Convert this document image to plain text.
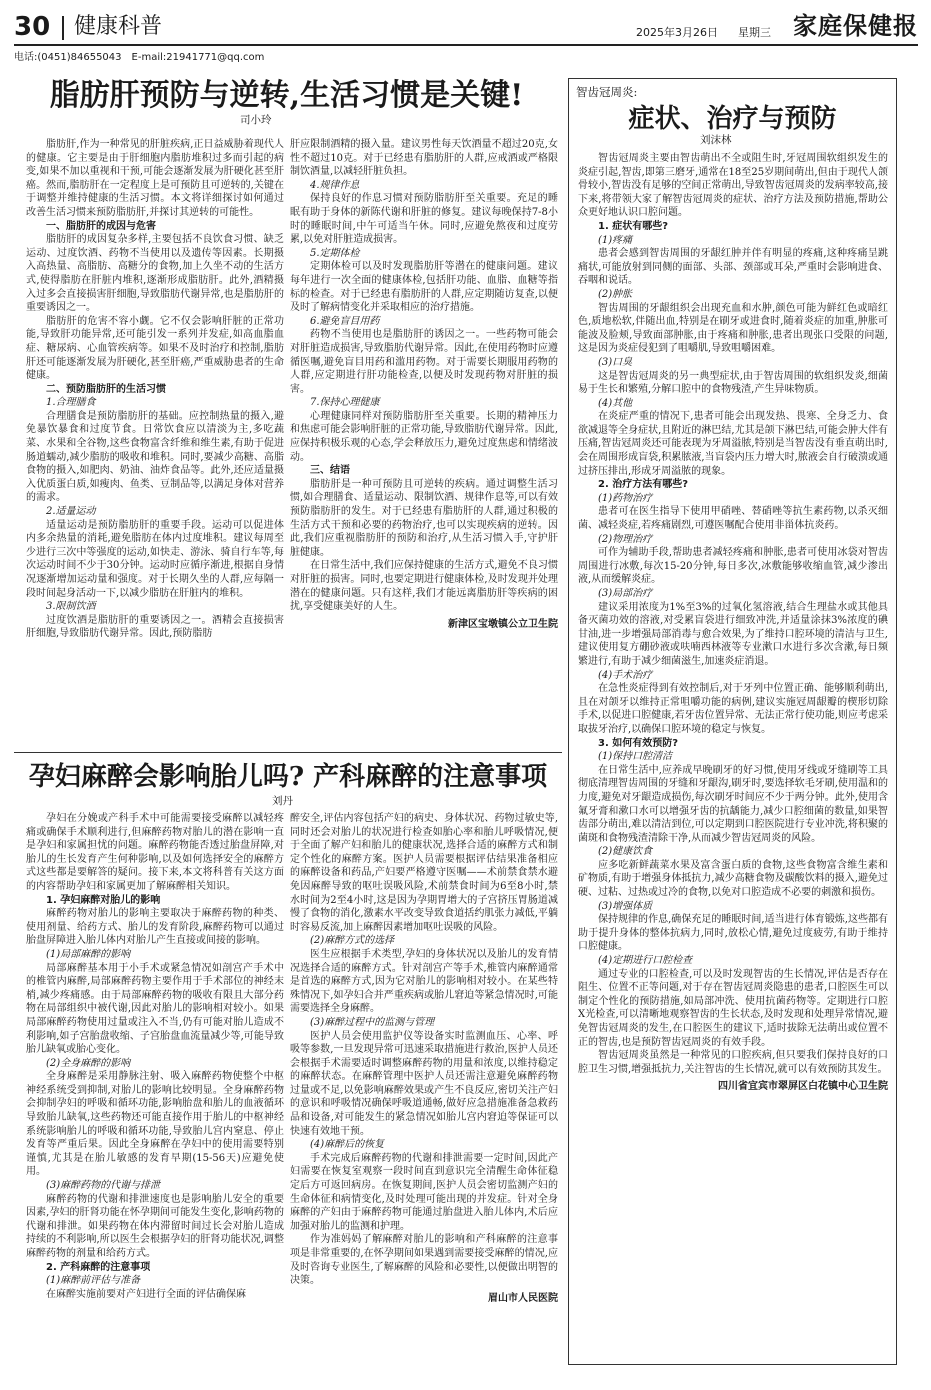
30 健康科普	2025年3月26日 星期三 家庭保健报
电话:(0451)84655043 E-mail:21941771@qq.com
脂肪肝预防与逆转,生活习惯是关键!
司小玲

脂肪肝,作为一种常见的肝脏疾病,正日益威胁着现代人的健康。它主要是由于肝细胞内脂肪堆积过多而引起的病变,如果不加以重视和干预,可能会逐渐发展为肝硬化甚至肝癌。然而,脂肪肝在一定程度上是可预防且可逆转的,关键在于调整并维持健康的生活习惯。本文将详细探讨如何通过改善生活习惯来预防脂肪肝,并探讨其逆转的可能性。

一、脂肪肝的成因与危害

脂肪肝的成因复杂多样,主要包括不良饮食习惯、缺乏运动、过度饮酒、药物不当使用以及遗传等因素。长期摄入高热量、高脂肪、高糖分的食物,加上久坐不动的生活方式,使得脂肪在肝脏内堆积,逐渐形成脂肪肝。此外,酒精摄入过多会直接损害肝细胞,导致脂肪代谢异常,也是脂肪肝的重要诱因之一。

脂肪肝的危害不容小觑。它不仅会影响肝脏的正常功能,导致肝功能异常,还可能引发一系列并发症,如高血脂血症、糖尿病、心血管疾病等。如果不及时治疗和控制,脂肪肝还可能逐渐发展为肝硬化,甚至肝癌,严重威胁患者的生命健康。

二、预防脂肪肝的生活习惯

1.合理膳食

合理膳食是预防脂肪肝的基础。应控制热量的摄入,避免暴饮暴食和过度节食。日常饮食应以清淡为主,多吃蔬菜、水果和全谷物,这些食物富含纤维和维生素,有助于促进肠道蠕动,减少脂肪的吸收和堆积。同时,要减少高糖、高脂食物的摄入,如肥肉、奶油、油炸食品等。此外,还应适量摄入优质蛋白质,如瘦肉、鱼类、豆制品等,以满足身体对营养的需求。

2.适量运动

适量运动是预防脂肪肝的重要手段。运动可以促进体内多余热量的消耗,避免脂肪在体内过度堆积。建议每周至少进行三次中等强度的运动,如快走、游泳、骑自行车等,每次运动时间不少于30分钟。运动时应循序渐进,根据自身情况逐渐增加运动量和强度。对于长期久坐的人群,应每隔一段时间起身活动一下,以减少脂肪在肝脏内的堆积。

3.限制饮酒

过度饮酒是脂肪肝的重要诱因之一。酒精会直接损害肝细胞,导致脂肪代谢异常。因此,预防脂肪

肝应限制酒精的摄入量。建议男性每天饮酒量不超过20克,女性不超过10克。对于已经患有脂肪肝的人群,应戒酒或严格限制饮酒量,以减轻肝脏负担。

4.规律作息

保持良好的作息习惯对预防脂肪肝至关重要。充足的睡眠有助于身体的新陈代谢和肝脏的修复。建议每晚保持7-8小时的睡眠时间,中午可适当午休。同时,应避免熬夜和过度劳累,以免对肝脏造成损害。

5.定期体检

定期体检可以及时发现脂肪肝等潜在的健康问题。建议每年进行一次全面的健康体检,包括肝功能、血脂、血糖等指标的检查。对于已经患有脂肪肝的人群,应定期随访复查,以便及时了解病情变化并采取相应的治疗措施。

6.避免盲目用药

药物不当使用也是脂肪肝的诱因之一。一些药物可能会对肝脏造成损害,导致脂肪代谢异常。因此,在使用药物时应遵循医嘱,避免盲目用药和滥用药物。对于需要长期服用药物的人群,应定期进行肝功能检查,以便及时发现药物对肝脏的损害。

7.保持心理健康

心理健康同样对预防脂肪肝至关重要。长期的精神压力和焦虑可能会影响肝脏的正常功能,导致脂肪代谢异常。因此,应保持积极乐观的心态,学会释放压力,避免过度焦虑和情绪波动。

三、结语

脂肪肝是一种可预防且可逆转的疾病。通过调整生活习惯,如合理膳食、适量运动、限制饮酒、规律作息等,可以有效预防脂肪肝的发生。对于已经患有脂肪肝的人群,通过积极的生活方式干预和必要的药物治疗,也可以实现疾病的逆转。因此,我们应重视脂肪肝的预防和治疗,从生活习惯入手,守护肝脏健康。

在日常生活中,我们应保持健康的生活方式,避免不良习惯对肝脏的损害。同时,也要定期进行健康体检,及时发现并处理潜在的健康问题。只有这样,我们才能远离脂肪肝等疾病的困扰,享受健康美好的人生。

新津区宝墩镇公立卫生院

孕妇麻醉会影响胎儿吗? 产科麻醉的注意事项
刘丹

孕妇在分娩或产科手术中可能需要接受麻醉以减轻疼痛或确保手术顺利进行,但麻醉药物对胎儿的潜在影响一直是孕妇和家属担忧的问题。麻醉药物能否透过胎盘屏障,对胎儿的生长发育产生何种影响,以及如何选择安全的麻醉方式这些都是要解答的疑问。接下来,本文将科普有关这方面的内容帮助孕妇和家属更加了解麻醉相关知识。

1. 孕妇麻醉对胎儿的影响

麻醉药物对胎儿的影响主要取决于麻醉药物的种类、使用剂量、给药方式、胎儿的发育阶段,麻醉药物可以通过胎盘屏障进入胎儿体内对胎儿产生直接或间接的影响。

(1)局部麻醉的影响

局部麻醉基本用于小手术或紧急情况如剖宫产手术中的椎管内麻醉,局部麻醉药物主要作用于手术部位的神经末梢,减少疼痛感。由于局部麻醉药物的吸收有限且大部分药物在局部组织中被代谢,因此对胎儿的影响相对较小。如果局部麻醉药物使用过量或注入不当,仍有可能对胎儿造成不利影响,如子宫胎盘收缩、子宫胎盘血流量减少等,可能导致胎儿缺氧或胎心变化。

(2)全身麻醉的影响

全身麻醉是采用静脉注射、吸入麻醉药物使整个中枢神经系统受到抑制,对胎儿的影响比较明显。全身麻醉药物会抑制孕妇的呼吸和循环功能,影响胎盘和胎儿的血液循环导致胎儿缺氧,这些药物还可能直接作用于胎儿的中枢神经系统影响胎儿的呼吸和循环功能,导致胎儿宫内窒息、停止发育等严重后果。因此全身麻醉在孕妇中的使用需要特别谨慎,尤其是在胎儿敏感的发育早期(15-56天)应避免使用。

(3)麻醉药物的代谢与排泄

麻醉药物的代谢和排泄速度也是影响胎儿安全的重要因素,孕妇的肝肾功能在怀孕期间可能发生变化,影响药物的代谢和排泄。如果药物在体内滞留时间过长会对胎儿造成持续的不利影响,所以医生会根据孕妇的肝肾功能状况,调整麻醉药物的剂量和给药方式。

2. 产科麻醉的注意事项

(1)麻醉前评估与准备

在麻醉实施前要对产妇进行全面的评估确保麻

醉安全,评估内容包括产妇的病史、身体状况、药物过敏史等,同时还会对胎儿的状况进行检查如胎心率和胎儿呼吸情况,便于全面了解产妇和胎儿的健康状况,选择合适的麻醉方式和制定个性化的麻醉方案。医护人员需要根据评估结果准备相应的麻醉设备和药品,产妇要严格遵守医嘱——术前禁食禁水避免因麻醉导致的呕吐误吸风险,术前禁食时间为6至8小时,禁水时间为2至4小时,这是因为孕期胃增大的子宫挤压胃肠道减慢了食物的消化,激素水平改变导致食道括约肌张力减低,平躺时容易反流,加上麻醉因素增加呕吐误吸的风险。

(2)麻醉方式的选择

医生应根据手术类型,孕妇的身体状况以及胎儿的发育情况选择合适的麻醉方式。针对剖宫产等手术,椎管内麻醉通常是首选的麻醉方式,因为它对胎儿的影响相对较小。在某些特殊情况下,如孕妇合并严重疾病或胎儿窘迫等紧急情况时,可能需要选择全身麻醉。

(3)麻醉过程中的监测与管理

医护人员会使用监护仪等设备实时监测血压、心率、呼吸等参数,一旦发现异常可迅速采取措施进行救治,医护人员还会根据手术需要适时调整麻醉药物的用量和浓度,以维持稳定的麻醉状态。在麻醉管理中医护人员还需注意避免麻醉药物过量或不足,以免影响麻醉效果或产生不良反应,密切关注产妇的意识和呼吸情况确保呼吸道通畅,做好应急措施准备急救药品和设备,对可能发生的紧急情况如胎儿宫内窘迫等保证可以快速有效地干预。

(4)麻醉后的恢复

手术完成后麻醉药物的代谢和排泄需要一定时间,因此产妇需要在恢复室观察一段时间直到意识完全清醒生命体征稳定后方可返回病房。在恢复期间,医护人员会密切监测产妇的生命体征和病情变化,及时处理可能出现的并发症。针对全身麻醉的产妇由于麻醉药物可能通过胎盘进入胎儿体内,术后应加强对胎儿的监测和护理。

作为准妈妈了解麻醉对胎儿的影响和产科麻醉的注意事项是非常重要的,在怀孕期间如果遇到需要接受麻醉的情况,应及时咨询专业医生,了解麻醉的风险和必要性,以便做出明智的决策。

眉山市人民医院

智齿冠周炎:
症状、治疗与预防
刘沫林

智齿冠周炎主要由智齿萌出不全或阻生时,牙冠周围软组织发生的炎症引起,智齿,即第三磨牙,通常在18至25岁期间萌出,但由于现代人颌骨较小,智齿没有足够的空间正常萌出,导致智齿冠周炎的发病率较高,接下来,将带领大家了解智齿冠周炎的症状、治疗方法及预防措施,帮助公众更好地认识口腔问题。

1. 症状有哪些?

(1)疼痛

患者会感到智齿周围的牙龈红肿并伴有明显的疼痛,这种疼痛呈跳痛状,可能放射到同侧的面部、头部、颈部或耳朵,严重时会影响进食、吞咽和说话。

(2)肿胀

智齿周围的牙龈组织会出现充血和水肿,颜色可能为鲜红色或暗红色,质地松软,伴随出血,特别是在刷牙或进食时,随着炎症的加重,肿胀可能波及脸颊,导致面部肿胀,由于疼痛和肿胀,患者出现张口受限的问题,这是因为炎症侵犯到了咀嚼肌,导致咀嚼困难。

(3)口臭

这是智齿冠周炎的另一典型症状,由于智齿周围的软组织发炎,细菌易于生长和繁殖,分解口腔中的食物残渣,产生异味物质。

(4)其他

在炎症严重的情况下,患者可能会出现发热、畏寒、全身乏力、食欲减退等全身症状,且附近的淋巴结,尤其是颌下淋巴结,可能会肿大伴有压痛,智齿冠周炎还可能表现为牙周溢脓,特别是当智齿没有垂直萌出时,会在周围形成盲袋,积累脓液,当盲袋内压力增大时,脓液会自行破溃或通过挤压排出,形成牙周溢脓的现象。

2. 治疗方法有哪些?

(1)药物治疗

患者可在医生指导下使用甲硝唑、替硝唑等抗生素药物,以杀灭细菌、减轻炎症,若疼痛剧烈,可遵医嘱配合使用非甾体抗炎药。

(2)物理治疗

可作为辅助手段,帮助患者减轻疼痛和肿胀,患者可使用冰袋对智齿周围进行冰敷,每次15-20分钟,每日多次,冰敷能够收缩血管,减少渗出液,从而缓解炎症。

(3)局部治疗

建议采用浓度为1%至3%的过氧化氢溶液,结合生理盐水或其他具备灭菌功效的溶液,对受累盲袋进行细致冲洗,并适量涂抹3%浓度的碘甘油,进一步增强局部消毒与愈合效果,为了维持口腔环境的清洁与卫生,建议使用复方硼砂液或呋喃西林液等专业漱口水进行多次含漱,每日频繁进行,有助于减少细菌滋生,加速炎症消退。

(4)手术治疗

在急性炎症得到有效控制后,对于牙列中位置正确、能够顺利萌出,且在对颌牙以维持正常咀嚼功能的病例,建议实施冠周龈瓣的楔形切除手术,以促进口腔健康,若牙齿位置异常、无法正常行使功能,则应考虑采取拔牙治疗,以确保口腔环境的稳定与恢复。

3. 如何有效预防?

(1)保持口腔清洁

在日常生活中,应养成早晚刷牙的好习惯,使用牙线或牙缝刷等工具彻底清理智齿周围的牙缝和牙龈沟,刷牙时,要选择软毛牙刷,使用温和的力度,避免对牙龈造成损伤,每次刷牙时间应不少于两分钟。此外,使用含氟牙膏和漱口水可以增强牙齿的抗龋能力,减少口腔细菌的数量,如果智齿部分萌出,难以清洁到位,可以定期到口腔医院进行专业冲洗,将积聚的菌斑和食物残渣清除干净,从而减少智齿冠周炎的风险。

(2)健康饮食

应多吃新鲜蔬菜水果及富含蛋白质的食物,这些食物富含维生素和矿物质,有助于增强身体抵抗力,减少高糖食物及碳酸饮料的摄入,避免过硬、过粘、过热或过冷的食物,以免对口腔造成不必要的刺激和损伤。

(3)增强体质

保持规律的作息,确保充足的睡眠时间,适当进行体育锻炼,这些都有助于提升身体的整体抗病力,同时,放松心情,避免过度疲劳,有助于维持口腔健康。

(4)定期进行口腔检查

通过专业的口腔检查,可以及时发现智齿的生长情况,评估是否存在阻生、位置不正等问题,对于存在智齿冠周炎隐患的患者,口腔医生可以制定个性化的预防措施,如局部冲洗、使用抗菌药物等。定期进行口腔X光检查,可以清晰地观察智齿的生长状态,及时发现和处理异常情况,避免智齿冠周炎的发生,在口腔医生的建议下,适时拔除无法萌出或位置不正的智齿,也是预防智齿冠周炎的有效手段。

智齿冠周炎虽然是一种常见的口腔疾病,但只要我们保持良好的口腔卫生习惯,增强抵抗力,关注智齿的生长情况,就可以有效预防其发生。

四川省宜宾市翠屏区白花镇中心卫生院
